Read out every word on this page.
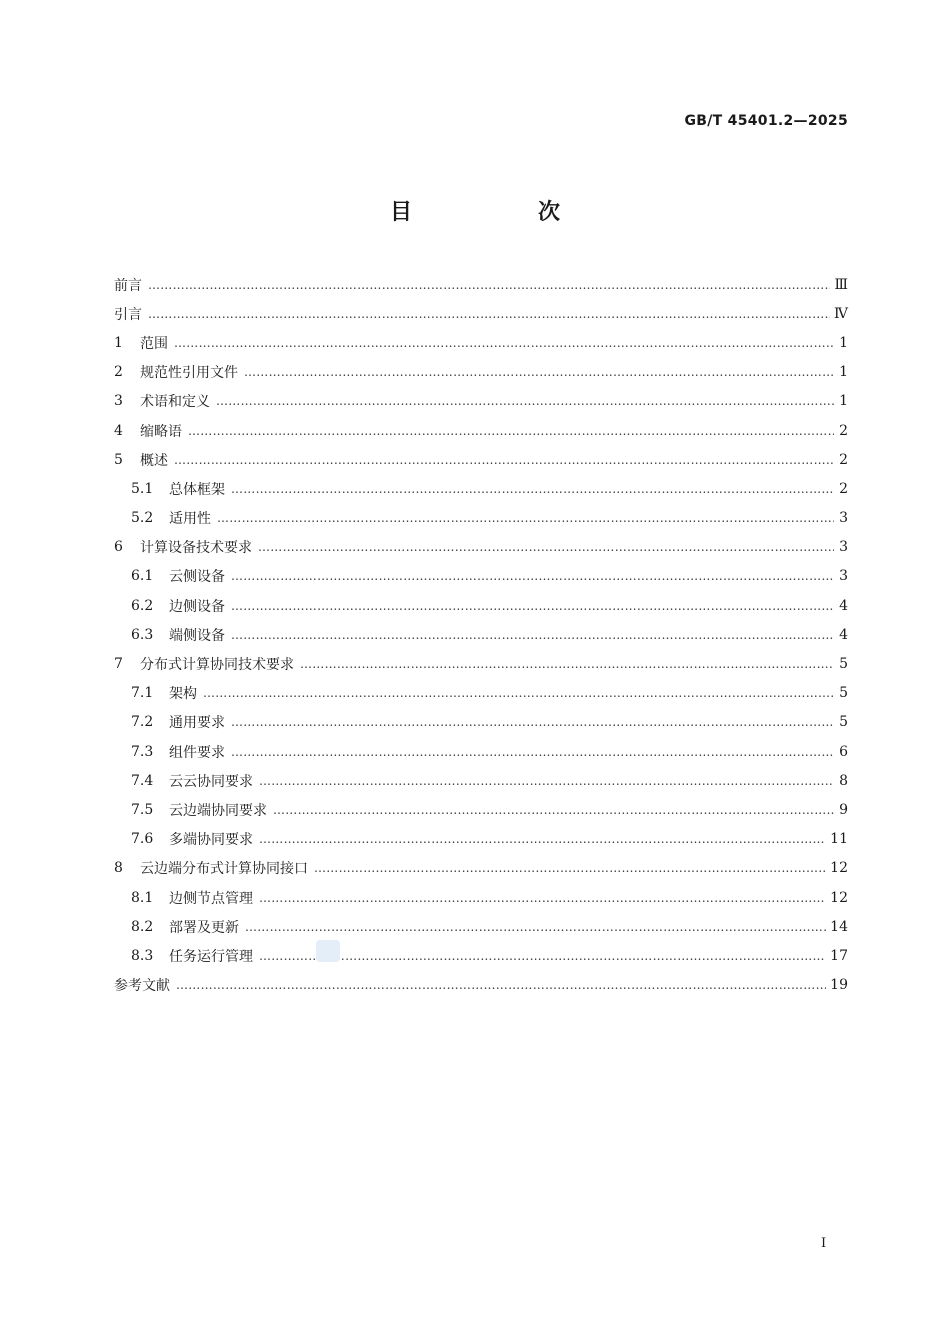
GB/T 45401.2—2025
目　次
前言 ………………………………………………………………………………………………………………………………………………………………………………………………………………………………………………	Ⅲ
引言 ………………………………………………………………………………………………………………………………………………………………………………………………………………………………………………	Ⅳ
1	范围 ………………………………………………………………………………………………………………………………………………………………………………………………………………………………………………	1
2	规范性引用文件 ………………………………………………………………………………………………………………………………………………………………………………………………………………………………………………	1
3	术语和定义 ………………………………………………………………………………………………………………………………………………………………………………………………………………………………………………	1
4	缩略语 ………………………………………………………………………………………………………………………………………………………………………………………………………………………………………………	2
5	概述 ………………………………………………………………………………………………………………………………………………………………………………………………………………………………………………	2
5.1	总体框架 ………………………………………………………………………………………………………………………………………………………………………………………………………………………………………………	2
5.2	适用性 ………………………………………………………………………………………………………………………………………………………………………………………………………………………………………………	3
6	计算设备技术要求 ………………………………………………………………………………………………………………………………………………………………………………………………………………………………………………	3
6.1	云侧设备 ………………………………………………………………………………………………………………………………………………………………………………………………………………………………………………	3
6.2	边侧设备 ………………………………………………………………………………………………………………………………………………………………………………………………………………………………………………	4
6.3	端侧设备 ………………………………………………………………………………………………………………………………………………………………………………………………………………………………………………	4
7	分布式计算协同技术要求 ………………………………………………………………………………………………………………………………………………………………………………………………………………………………………………	5
7.1	架构 ………………………………………………………………………………………………………………………………………………………………………………………………………………………………………………	5
7.2	通用要求 ………………………………………………………………………………………………………………………………………………………………………………………………………………………………………………	5
7.3	组件要求 ………………………………………………………………………………………………………………………………………………………………………………………………………………………………………………	6
7.4	云云协同要求 ………………………………………………………………………………………………………………………………………………………………………………………………………………………………………………	8
7.5	云边端协同要求 ………………………………………………………………………………………………………………………………………………………………………………………………………………………………………………	9
7.6	多端协同要求 ………………………………………………………………………………………………………………………………………………………………………………………………………………………………………………	11
8	云边端分布式计算协同接口 ………………………………………………………………………………………………………………………………………………………………………………………………………………………………………………	12
8.1	边侧节点管理 ………………………………………………………………………………………………………………………………………………………………………………………………………………………………………………	12
8.2	部署及更新 ………………………………………………………………………………………………………………………………………………………………………………………………………………………………………………	14
8.3	任务运行管理 ………………………………………………………………………………………………………………………………………………………………………………………………………………………………………………	17
参考文献 ………………………………………………………………………………………………………………………………………………………………………………………………………………………………………………	19
Ⅰ
